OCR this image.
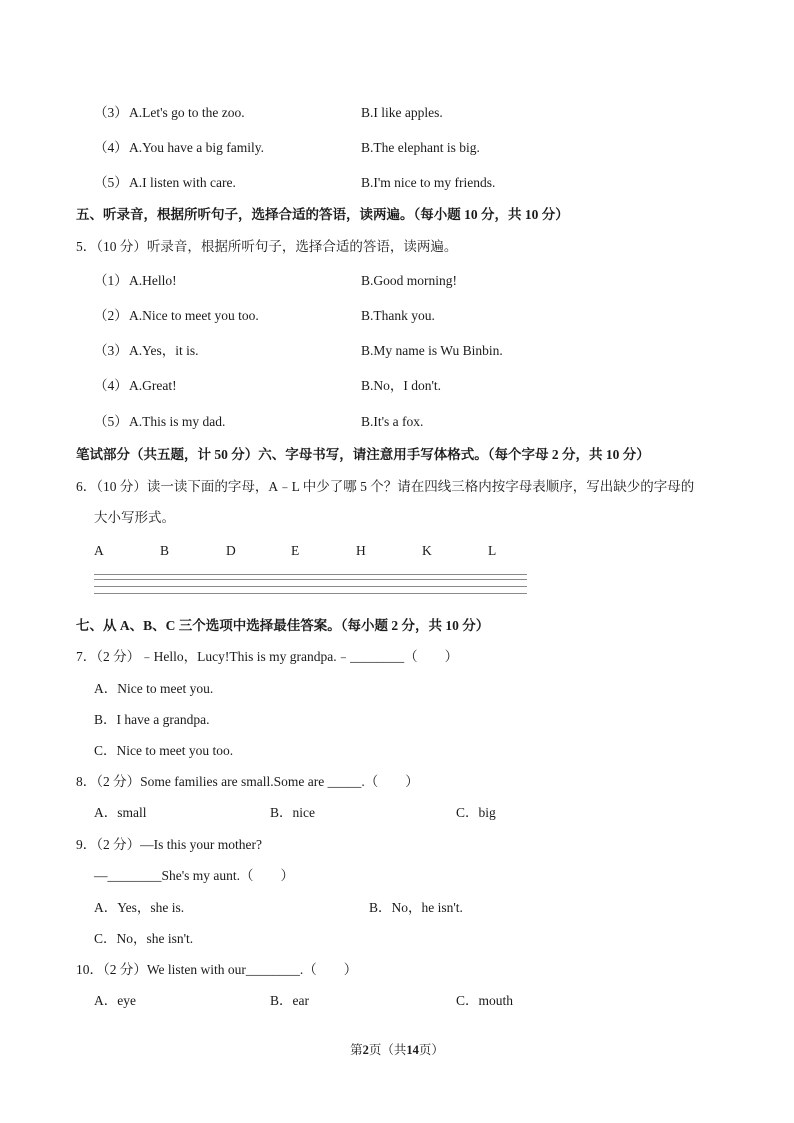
（3） A.Let's go to the zoo.	B.I like apples.
（4） A.You have a big family.	B.The elephant is big.
（5） A.I listen with care.	B.I'm nice to my friends.
五、听录音，根据所听句子，选择合适的答语，读两遍。（每小题 10 分，共 10 分）
5．（10 分）听录音，根据所听句子，选择合适的答语，读两遍。
（1） A.Hello!	B.Good morning!
（2） A.Nice to meet you too.	B.Thank you.
（3） A.Yes，it is.	B.My name is Wu Binbin.
（4） A.Great!	B.No，I don't.
（5） A.This is my dad.	B.It's a fox.
笔试部分（共五题，计 50 分）六、字母书写，请注意用手写体格式。（每个字母 2 分，共 10 分）
6．（10 分）读一读下面的字母，A﹣L 中少了哪 5 个？请在四线三格内按字母表顺序，写出缺少的字母的
大小写形式。
A	B	D	E	H	K	L
七、从 A、B、C 三个选项中选择最佳答案。（每小题 2 分，共 10 分）
7．（2 分）﹣Hello，Lucy!This is my grandpa.﹣________（　　）
A．Nice to meet you.
B．I have a grandpa.
C．Nice to meet you too.
8．（2 分）Some families are small.Some are _____.（　　）
A．small	B．nice	C．big
9．（2 分）—Is this your mother?
—________She's my aunt.（　　）
A．Yes，she is.	B．No，he isn't.
C．No，she isn't.
10．（2 分）We listen with our________.（　　）
A．eye	B．ear	C．mouth
第2页（共14页）
